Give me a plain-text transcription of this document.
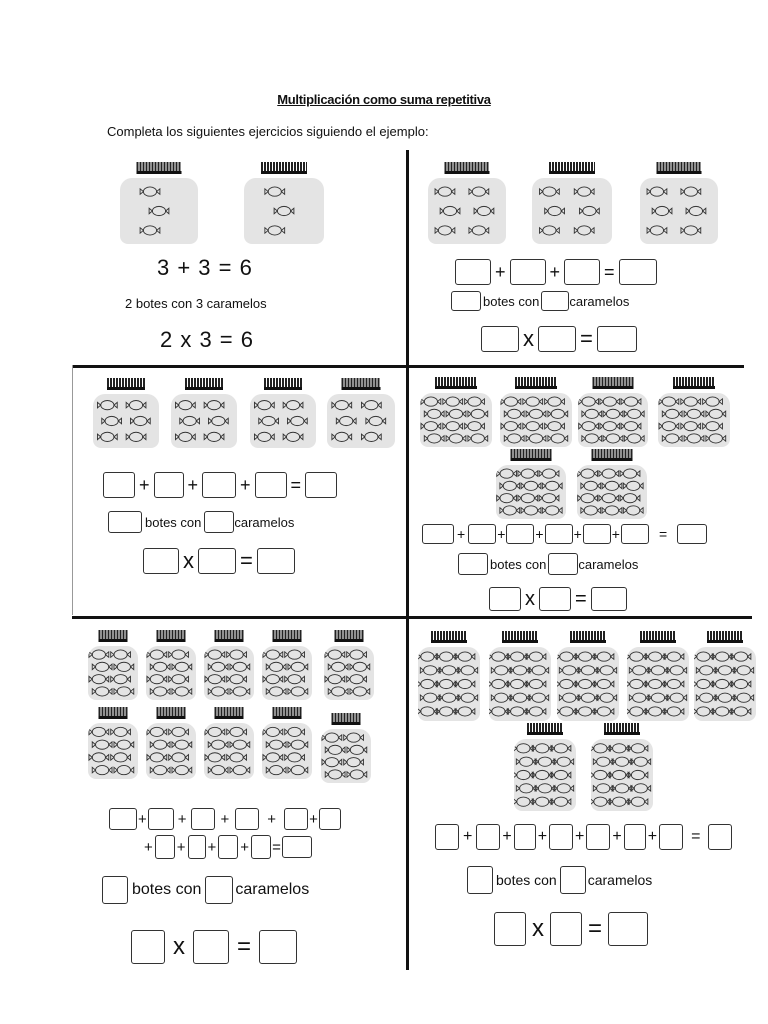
Multiplicación como suma repetitiva
Completa los siguientes ejercicios siguiendo el ejemplo:
3 + 3 = 6
2 botes con 3 caramelos
2 x 3 = 6
+ + =
botes con caramelos
x =
+ + + =
botes con	caramelos
x =
+ + + + +	=
botes con caramelos
x =
+ + +	+ +
+ + + + =
botes con caramelos
x =
+ + + + + + =
botes con caramelos
x =
